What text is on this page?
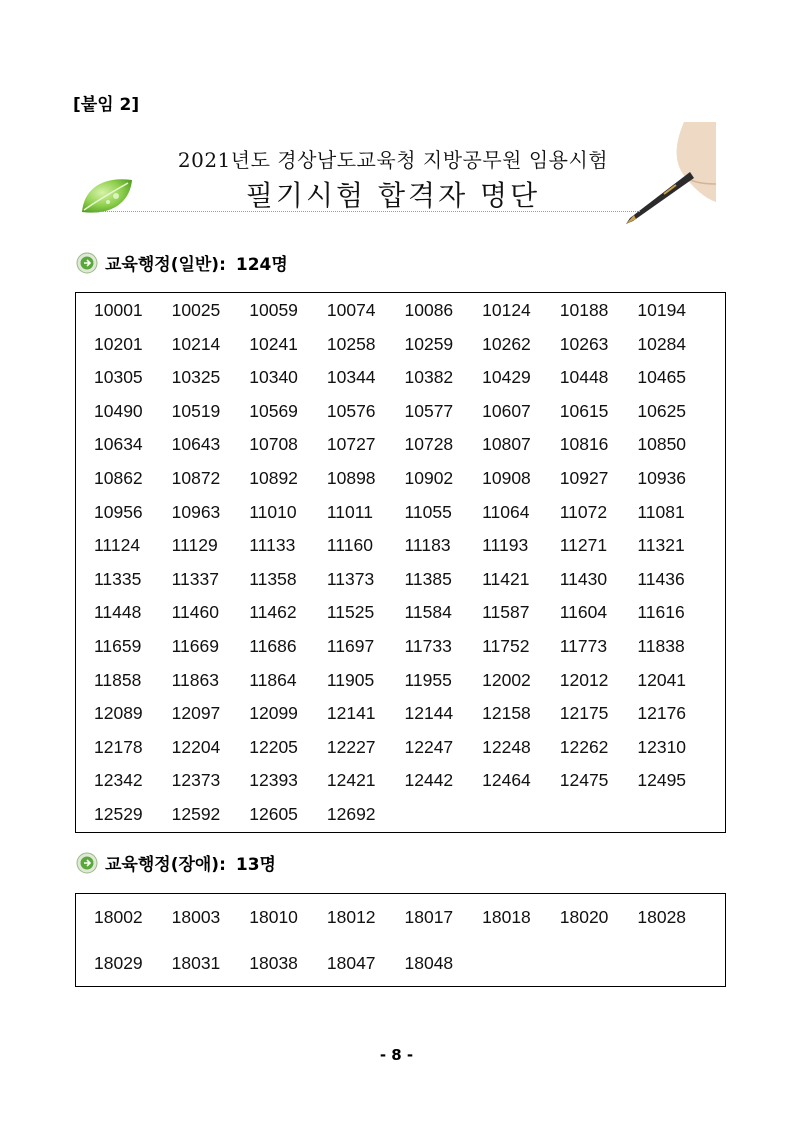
[붙임 2]
2021년도 경상남도교육청 지방공무원 임용시험
필기시험 합격자 명단
교육행정(일반): 124명
10001	10025	10059	10074	10086	10124	10188	10194
10201	10214	10241	10258	10259	10262	10263	10284
10305	10325	10340	10344	10382	10429	10448	10465
10490	10519	10569	10576	10577	10607	10615	10625
10634	10643	10708	10727	10728	10807	10816	10850
10862	10872	10892	10898	10902	10908	10927	10936
10956	10963	11010	11011	11055	11064	11072	11081
11124	11129	11133	11160	11183	11193	11271	11321
11335	11337	11358	11373	11385	11421	11430	11436
11448	11460	11462	11525	11584	11587	11604	11616
11659	11669	11686	11697	11733	11752	11773	11838
11858	11863	11864	11905	11955	12002	12012	12041
12089	12097	12099	12141	12144	12158	12175	12176
12178	12204	12205	12227	12247	12248	12262	12310
12342	12373	12393	12421	12442	12464	12475	12495
12529	12592	12605	12692
교육행정(장애): 13명
18002	18003	18010	18012	18017	18018	18020	18028
18029	18031	18038	18047	18048
- 8 -
